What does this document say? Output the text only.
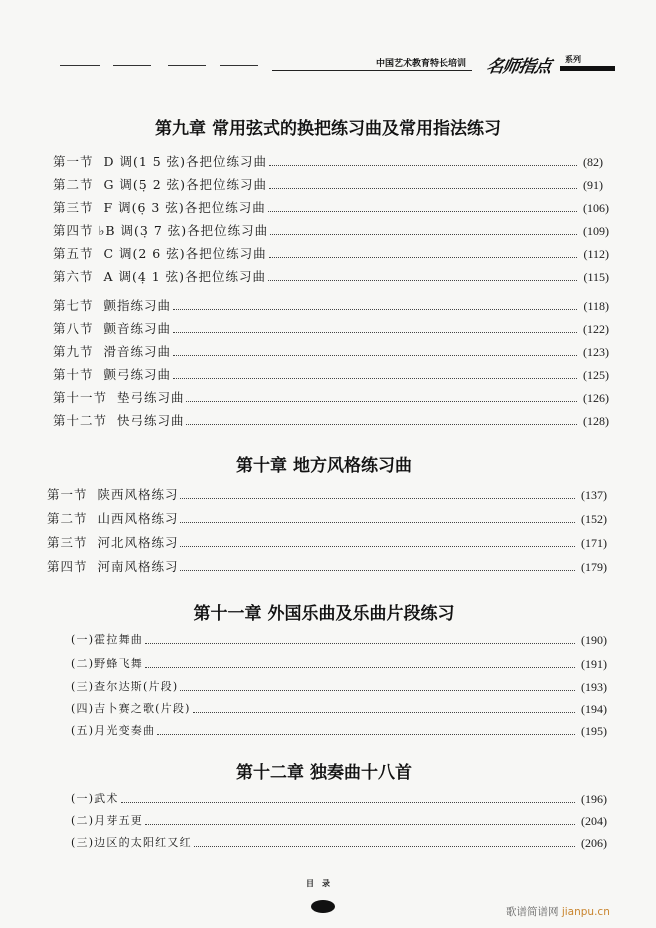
中国艺术教育特长培训 名师指点 系列
第九章 常用弦式的换把练习曲及常用指法练习
第一节  D 调(1 5 弦)各把位练习曲	(82)
第二节  G 调(5̣ 2 弦)各把位练习曲	(91)
第三节  F 调(6̣ 3 弦)各把位练习曲	(106)
第四节 ♭B 调(3̣ 7 弦)各把位练习曲	(109)
第五节  C 调(2 6 弦)各把位练习曲	(112)
第六节  A 调(4̣ 1 弦)各把位练习曲	(115)
第七节  颤指练习曲	(118)
第八节  颤音练习曲	(122)
第九节  滑音练习曲	(123)
第十节  颤弓练习曲	(125)
第十一节  垫弓练习曲	(126)
第十二节  快弓练习曲	(128)
第十章 地方风格练习曲
第一节  陕西风格练习	(137)
第二节  山西风格练习	(152)
第三节  河北风格练习	(171)
第四节  河南风格练习	(179)
第十一章 外国乐曲及乐曲片段练习
(一)霍拉舞曲	(190)
(二)野蜂飞舞	(191)
(三)查尔达斯(片段)	(193)
(四)吉卜赛之歌(片段)	(194)
(五)月光变奏曲	(195)
第十二章 独奏曲十八首
(一)武术	(196)
(二)月芽五更	(204)
(三)边区的太阳红又红	(206)
目录
歌谱简谱网 jianpu.cn
